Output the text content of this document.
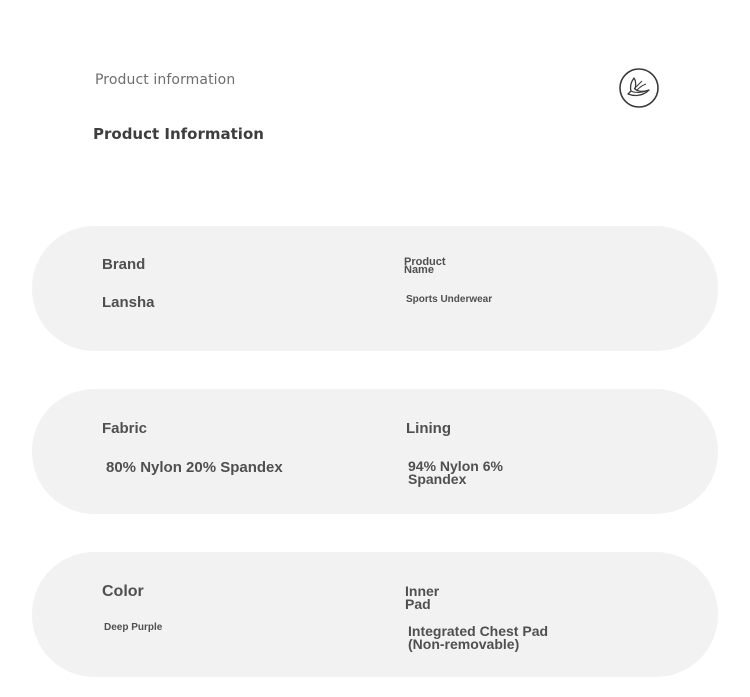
Product information
Product Information
Brand
Lansha
Product
Name
Sports Underwear
Fabric
80% Nylon 20% Spandex
Lining
94% Nylon 6%
Spandex
Color
Deep Purple
Inner
Pad
Integrated Chest Pad
(Non-removable)
